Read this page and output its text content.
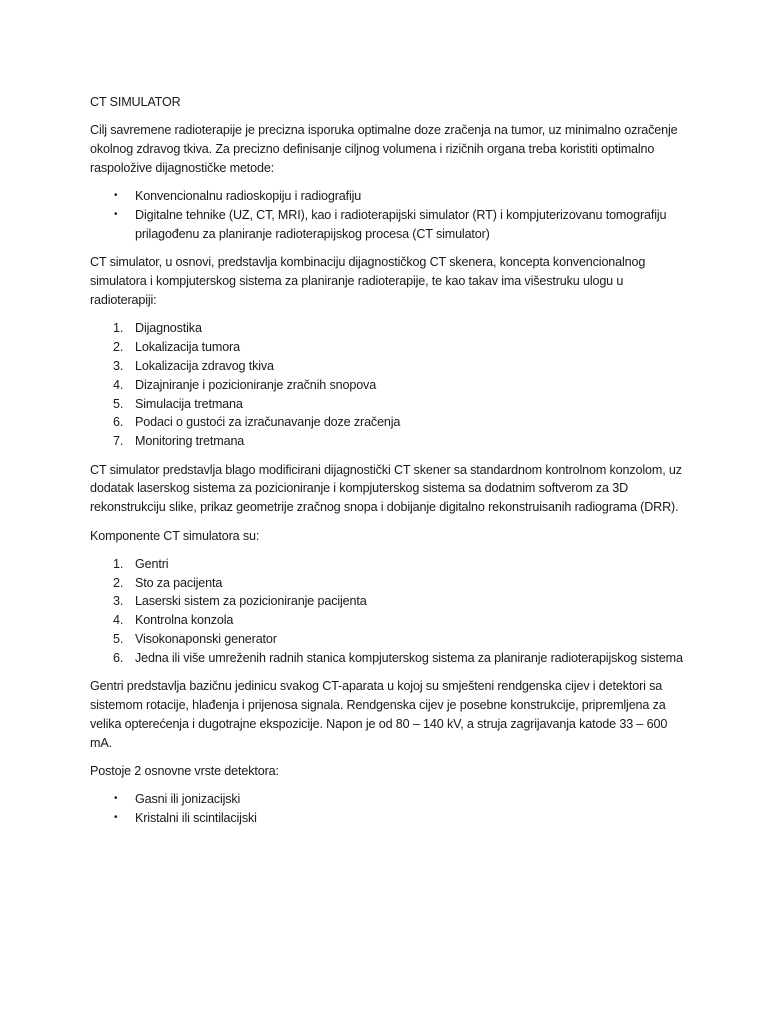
CT SIMULATOR

Cilj savremene radioterapije je precizna isporuka optimalne doze zračenja na tumor, uz minimalno ozračenje okolnog zdravog tkiva. Za precizno definisanje ciljnog volumena i rizičnih organa treba koristiti optimalno raspoložive dijagnostičke metode:

• Konvencionalnu radioskopiju i radiografiju
• Digitalne tehnike (UZ, CT, MRI), kao i radioterapijski simulator (RT) i kompjuterizovanu tomografiju prilagođenu za planiranje radioterapijskog procesa (CT simulator)

CT simulator, u osnovi, predstavlja kombinaciju dijagnostičkog CT skenera, koncepta konvencionalnog simulatora i kompjuterskog sistema za planiranje radioterapije, te kao takav ima višestruku ulogu u radioterapiji:

1. Dijagnostika
2. Lokalizacija tumora
3. Lokalizacija zdravog tkiva
4. Dizajniranje i pozicioniranje zračnih snopova
5. Simulacija tretmana
6. Podaci o gustoći za izračunavanje doze zračenja
7. Monitoring tretmana

CT simulator predstavlja blago modificirani dijagnostički CT skener sa standardnom kontrolnom konzolom, uz dodatak laserskog sistema za pozicioniranje i kompjuterskog sistema sa dodatnim softverom za 3D rekonstrukciju slike, prikaz geometrije zračnog snopa i dobijanje digitalno rekonstruisanih radiograma (DRR).

Komponente CT simulatora su:

1. Gentri
2. Sto za pacijenta
3. Laserski sistem za pozicioniranje pacijenta
4. Kontrolna konzola
5. Visokonaponski generator
6. Jedna ili više umreženih radnih stanica kompjuterskog sistema za planiranje radioterapijskog sistema

Gentri predstavlja bazičnu jedinicu svakog CT-aparata u kojoj su smješteni rendgenska cijev i detektori sa sistemom rotacije, hlađenja i prijenosa signala. Rendgenska cijev je posebne konstrukcije, pripremljena za velika opterećenja i dugotrajne ekspozicije. Napon je od 80 – 140 kV, a struja zagrijavanja katode 33 – 600 mA.

Postoje 2 osnovne vrste detektora:

• Gasni ili jonizacijski
• Kristalni ili scintilacijski
